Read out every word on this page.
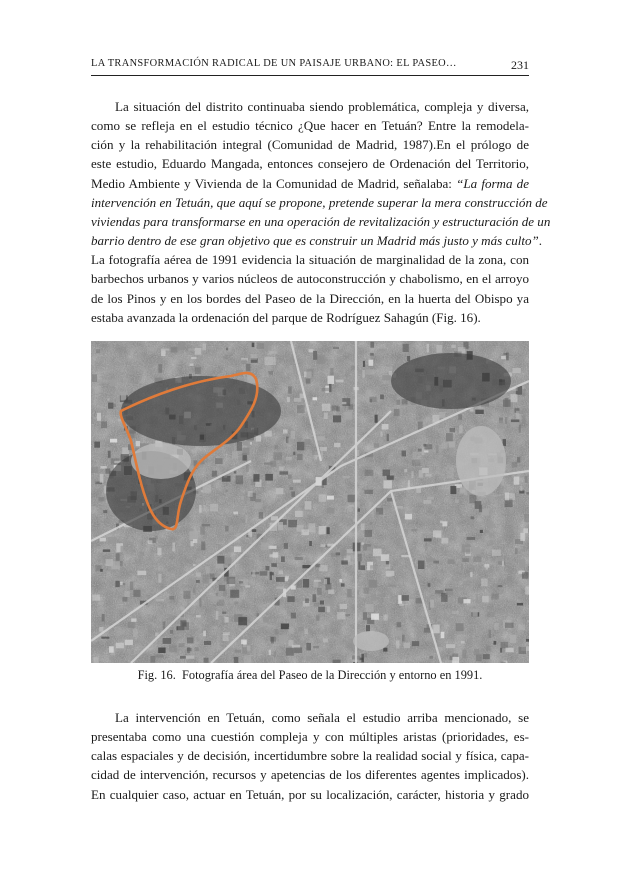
LA TRANSFORMACIÓN RADICAL DE UN PAISAJE URBANO: EL PASEO…	231
La situación del distrito continuaba siendo problemática, compleja y diversa,
como se refleja en el estudio técnico ¿Que hacer en Tetuán? Entre la remodela-
ción y la rehabilitación integral (Comunidad de Madrid, 1987).En el prólogo de
este estudio, Eduardo Mangada, entonces consejero de Ordenación del Territorio,
Medio Ambiente y Vivienda de la Comunidad de Madrid, señalaba: “La forma de
intervención en Tetuán, que aquí se propone, pretende superar la mera construcción de
viviendas para transformarse en una operación de revitalización y estructuración de un
barrio dentro de ese gran objetivo que es construir un Madrid más justo y más culto”.
La fotografía aérea de 1991 evidencia la situación de marginalidad de la zona, con
barbechos urbanos y varios núcleos de autoconstrucción y chabolismo, en el arroyo
de los Pinos y en los bordes del Paseo de la Dirección, en la huerta del Obispo ya
estaba avanzada la ordenación del parque de Rodríguez Sahagún (Fig. 16).
Fig. 16. Fotografía área del Paseo de la Dirección y entorno en 1991.
La intervención en Tetuán, como señala el estudio arriba mencionado, se
presentaba como una cuestión compleja y con múltiples aristas (prioridades, es-
calas espaciales y de decisión, incertidumbre sobre la realidad social y física, capa-
cidad de intervención, recursos y apetencias de los diferentes agentes implicados).
En cualquier caso, actuar en Tetuán, por su localización, carácter, historia y grado
